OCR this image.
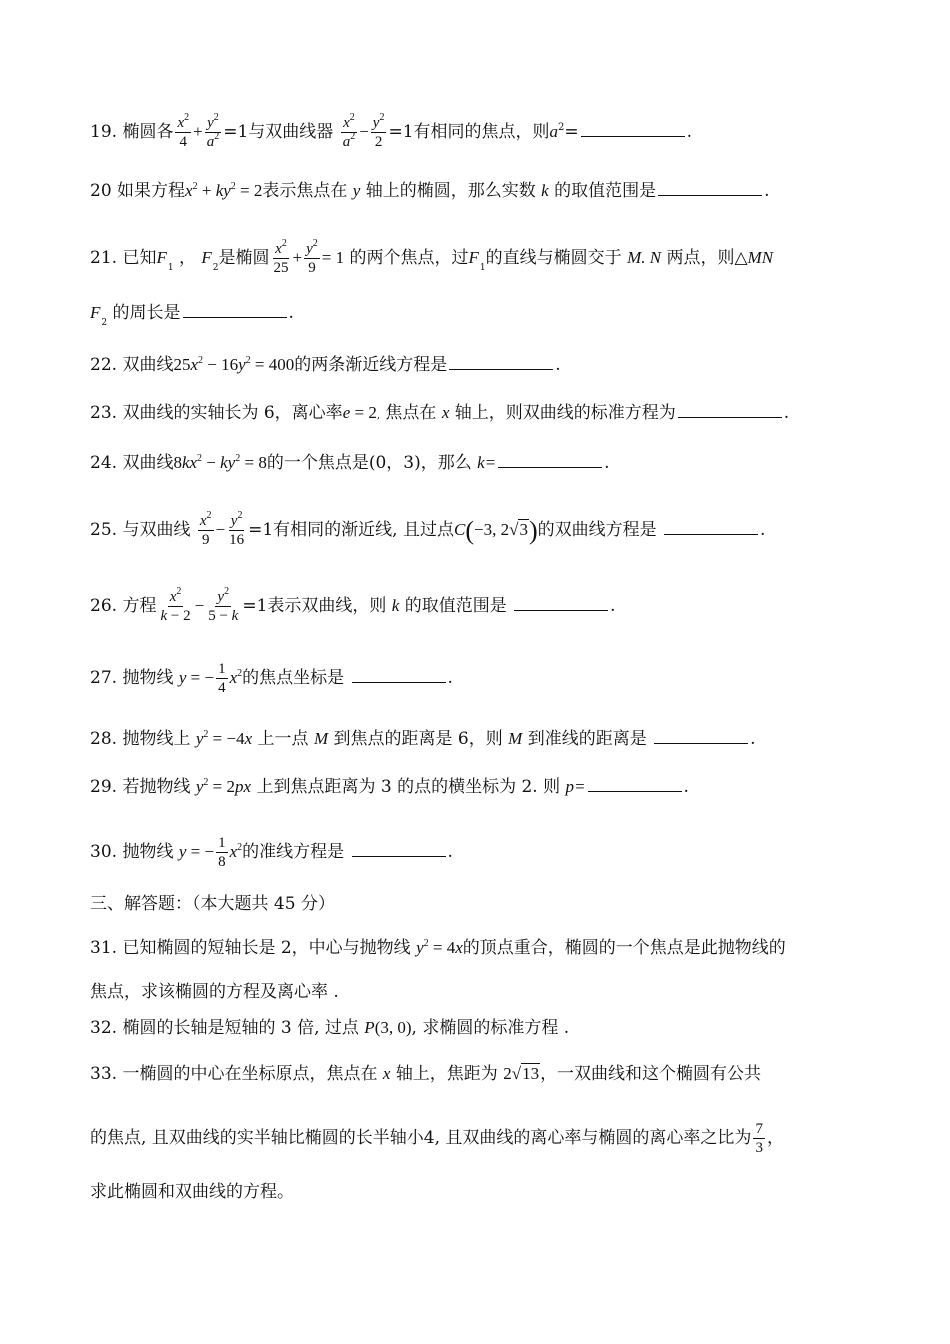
19. 椭圆各 $\frac{x^2}{4} + \frac{y^2}{a^2} =1$与双曲线器 $\frac{x^2}{a^2} - \frac{y^2}{2} =1$有相同的焦点，则$a^2=$	.
20 如果方程$x^2 + ky^2 = 2$表示焦点在 y 轴上的椭圆，那么实数 k 的取值范围是	.
21. 已知$F_1$ ， $F_2$是椭圆 $\frac{x^2}{25} + \frac{y^2}{9} = 1$ 的两个焦点，过$F_1$的直线与椭圆交于 M. N 两点，则△MN
$F_2$ 的周长是	.
22. 双曲线$25x^2 - 16y^2 = 400$的两条渐近线方程是	.
23. 双曲线的实轴长为 6，离心率e = 2, 焦点在 x 轴上，则双曲线的标准方程为	.
24. 双曲线$8kx^2 - ky^2 = 8$的一个焦点是(0，3)，那么 k=	.
25. 与双曲线 $\frac{x^2}{9} - \frac{y^2}{16} =1$有相同的渐近线, 且过点C(−3, 2√3)的双曲线方程是	.
26. 方程 $\frac{x^2}{k - 2} - \frac{y^2}{5 - k} =1$表示双曲线，则 k 的取值范围是	.
27. 抛物线 y = − $\frac{1}{4} x^2$的焦点坐标是	.
28. 抛物线上 $y^2 = -4x$ 上一点 M 到焦点的距离是 6，则 M 到准线的距离是	.
29. 若抛物线 $y^2 = 2px$ 上到焦点距离为 3 的点的横坐标为 2. 则 p=	.
30. 抛物线 y = − $\frac{1}{8} x^2$的准线方程是	.
三、解答题：（本大题共 45 分）
31. 已知椭圆的短轴长是 2，中心与抛物线 $y^2 = 4x$的顶点重合，椭圆的一个焦点是此抛物线的
焦点，求该椭圆的方程及离心率 .
32. 椭圆的长轴是短轴的 3 倍, 过点 P(3, 0), 求椭圆的标准方程 .
33. 一椭圆的中心在坐标原点，焦点在 x 轴上，焦距为 2√13，一双曲线和这个椭圆有公共
的焦点, 且双曲线的实半轴比椭圆的长半轴小4, 且双曲线的离心率与椭圆的离心率之比为 $\frac{7}{3}$ ，
求此椭圆和双曲线的方程。
